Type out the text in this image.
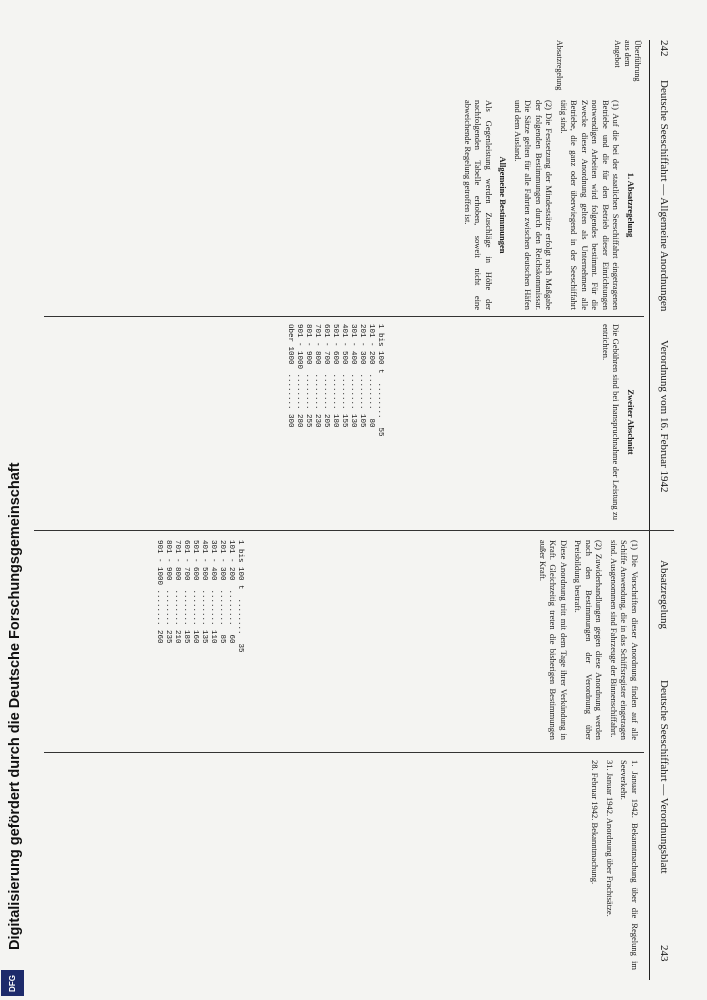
242
Deutsche Seeschiffahrt — Allgemeine Anordnungen
Verordnung vom 16. Februar 1942
Absatzregelung
Deutsche Seeschiffahrt — Verordnungsblatt
243
Überführung aus dem Angebot
Absatzregelung
1. Absatzregelung

(1) Auf die bei der staatlichen Seeschiffahrt eingetragenen Betriebe und die für den Betrieb dieser Einrichtungen notwendigen Arbeiten wird folgendes bestimmt. Für die Zwecke dieser Anordnung gelten als Unternehmen alle Betriebe, die ganz oder überwiegend in der Seeschiffahrt tätig sind.

(2) Die Festsetzung der Mindestsätze erfolgt nach Maßgabe der folgenden Bestimmungen durch den Reichskommissar. Die Sätze gelten für alle Fahrten zwischen deutschen Häfen und dem Ausland.

Allgemeine Bestimmungen

Als Gegenleistung werden Zuschläge in Höhe der nachfolgenden Tabelle erhoben, soweit nicht eine abweichende Regelung getroffen ist.

Zweiter Abschnitt

Die Gebühren sind bei Inanspruchnahme der Leistung zu entrichten.

1 bis 100 t  ........  55
101 - 200  ........  80
201 - 300  ........ 105
301 - 400  ........ 130
401 - 500  ........ 155
501 - 600  ........ 180
601 - 700  ........ 205
701 - 800  ........ 230
801 - 900  ........ 255
901 - 1000 ........ 280
über 1000  ........ 300

(1) Die Vorschriften dieser Anordnung finden auf alle Schiffe Anwendung, die in das Schiffsregister eingetragen sind. Ausgenommen sind Fahrzeuge der Binnenschiffahrt.

(2) Zuwiderhandlungen gegen diese Anordnung werden nach den Bestimmungen der Verordnung über Preisbildung bestraft.

Diese Anordnung tritt mit dem Tage ihrer Verkündung in Kraft. Gleichzeitig treten die bisherigen Bestimmungen außer Kraft.

1 bis 100 t  ........  35
101 - 200  ........  60
201 - 300  ........  85
301 - 400  ........ 110
401 - 500  ........ 135
501 - 600  ........ 160
601 - 700  ........ 185
701 - 800  ........ 210
801 - 900  ........ 235
901 - 1000 ........ 260

1. Januar 1942. Bekanntmachung über die Regelung im Seeverkehr.

31. Januar 1942. Anordnung über Frachtsätze.

28. Februar 1942. Bekanntmachung.

Digitalisierung gefördert durch die Deutsche Forschungsgemeinschaft
DFG
